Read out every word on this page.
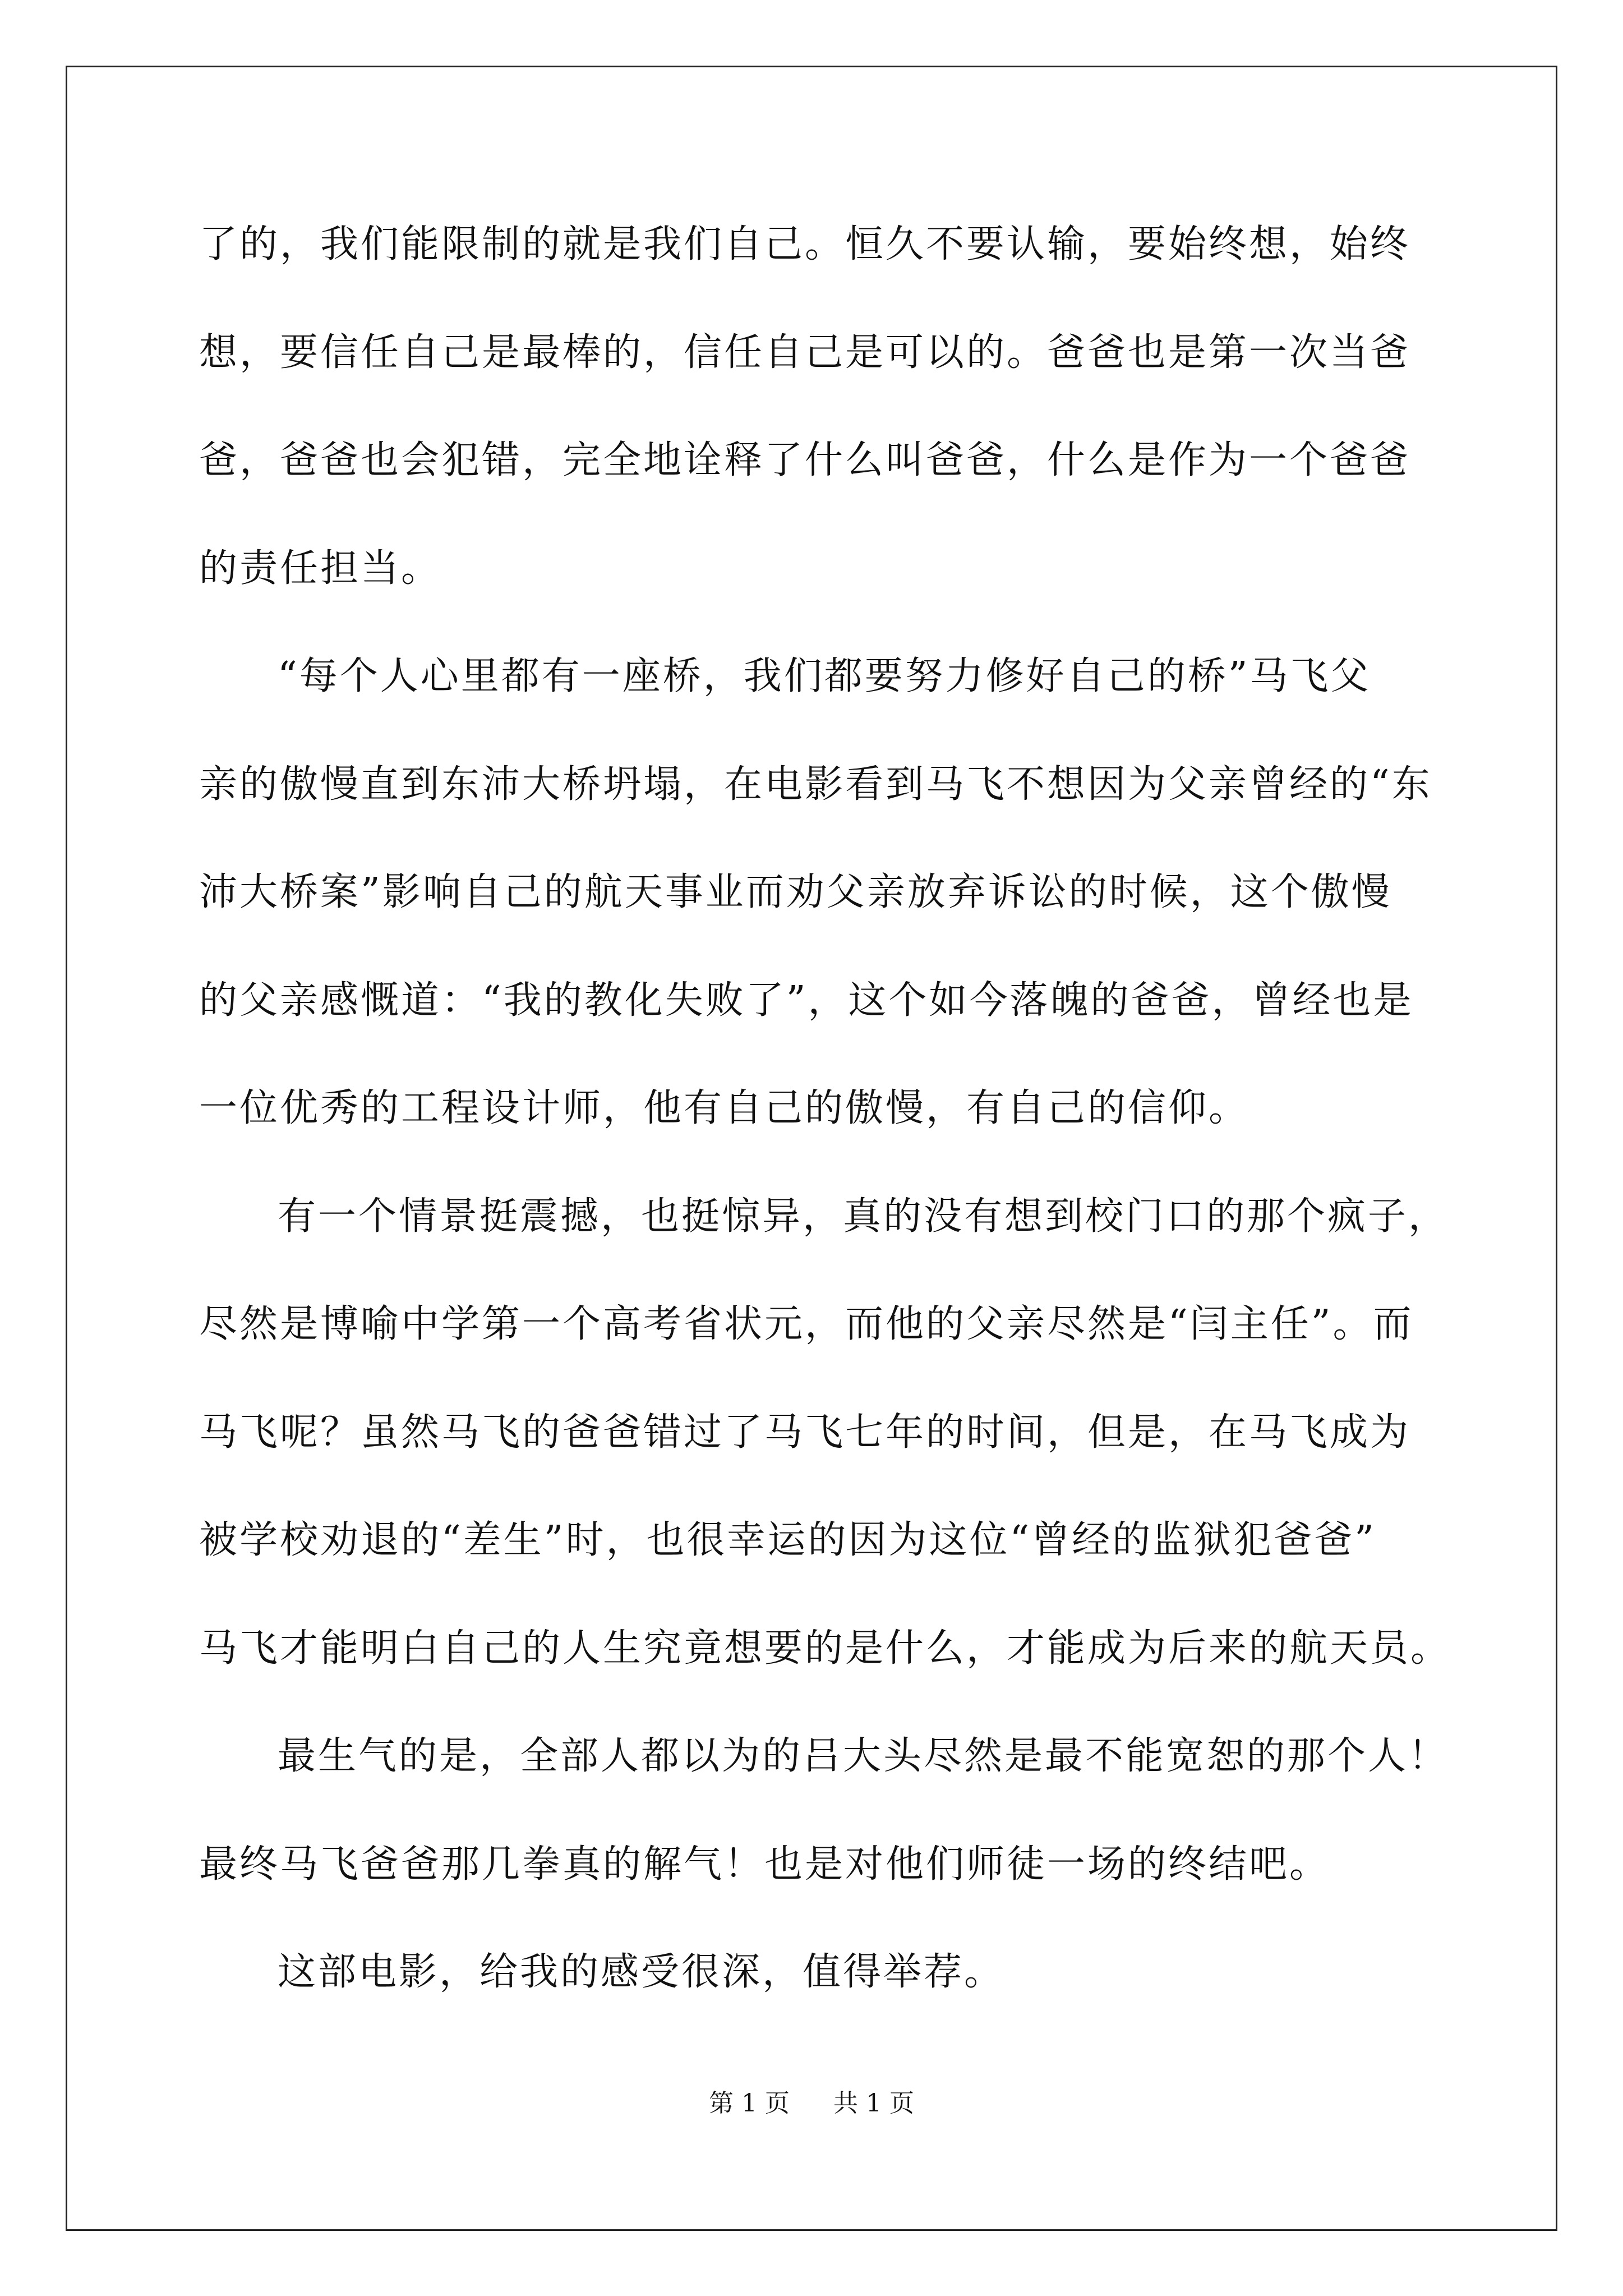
了的，我们能限制的就是我们自己。恒久不要认输，要始终想，始终
想，要信任自己是最棒的，信任自己是可以的。爸爸也是第一次当爸
爸，爸爸也会犯错，完全地诠释了什么叫爸爸，什么是作为一个爸爸
的责任担当。
“每个人心里都有一座桥，我们都要努力修好自己的桥”马飞父
亲的傲慢直到东沛大桥坍塌，在电影看到马飞不想因为父亲曾经的“东
沛大桥案”影响自己的航天事业而劝父亲放弃诉讼的时候，这个傲慢
的父亲感慨道：“我的教化失败了”，这个如今落魄的爸爸，曾经也是
一位优秀的工程设计师，他有自己的傲慢，有自己的信仰。
有一个情景挺震撼，也挺惊异，真的没有想到校门口的那个疯子，
尽然是博喻中学第一个高考省状元，而他的父亲尽然是“闫主任”。而
马飞呢？虽然马飞的爸爸错过了马飞七年的时间，但是，在马飞成为
被学校劝退的“差生”时，也很幸运的因为这位“曾经的监狱犯爸爸”
马飞才能明白自己的人生究竟想要的是什么，才能成为后来的航天员。
最生气的是，全部人都以为的吕大头尽然是最不能宽恕的那个人！
最终马飞爸爸那几拳真的解气！也是对他们师徒一场的终结吧。
这部电影，给我的感受很深，值得举荐。
第 1 页 共 1 页
